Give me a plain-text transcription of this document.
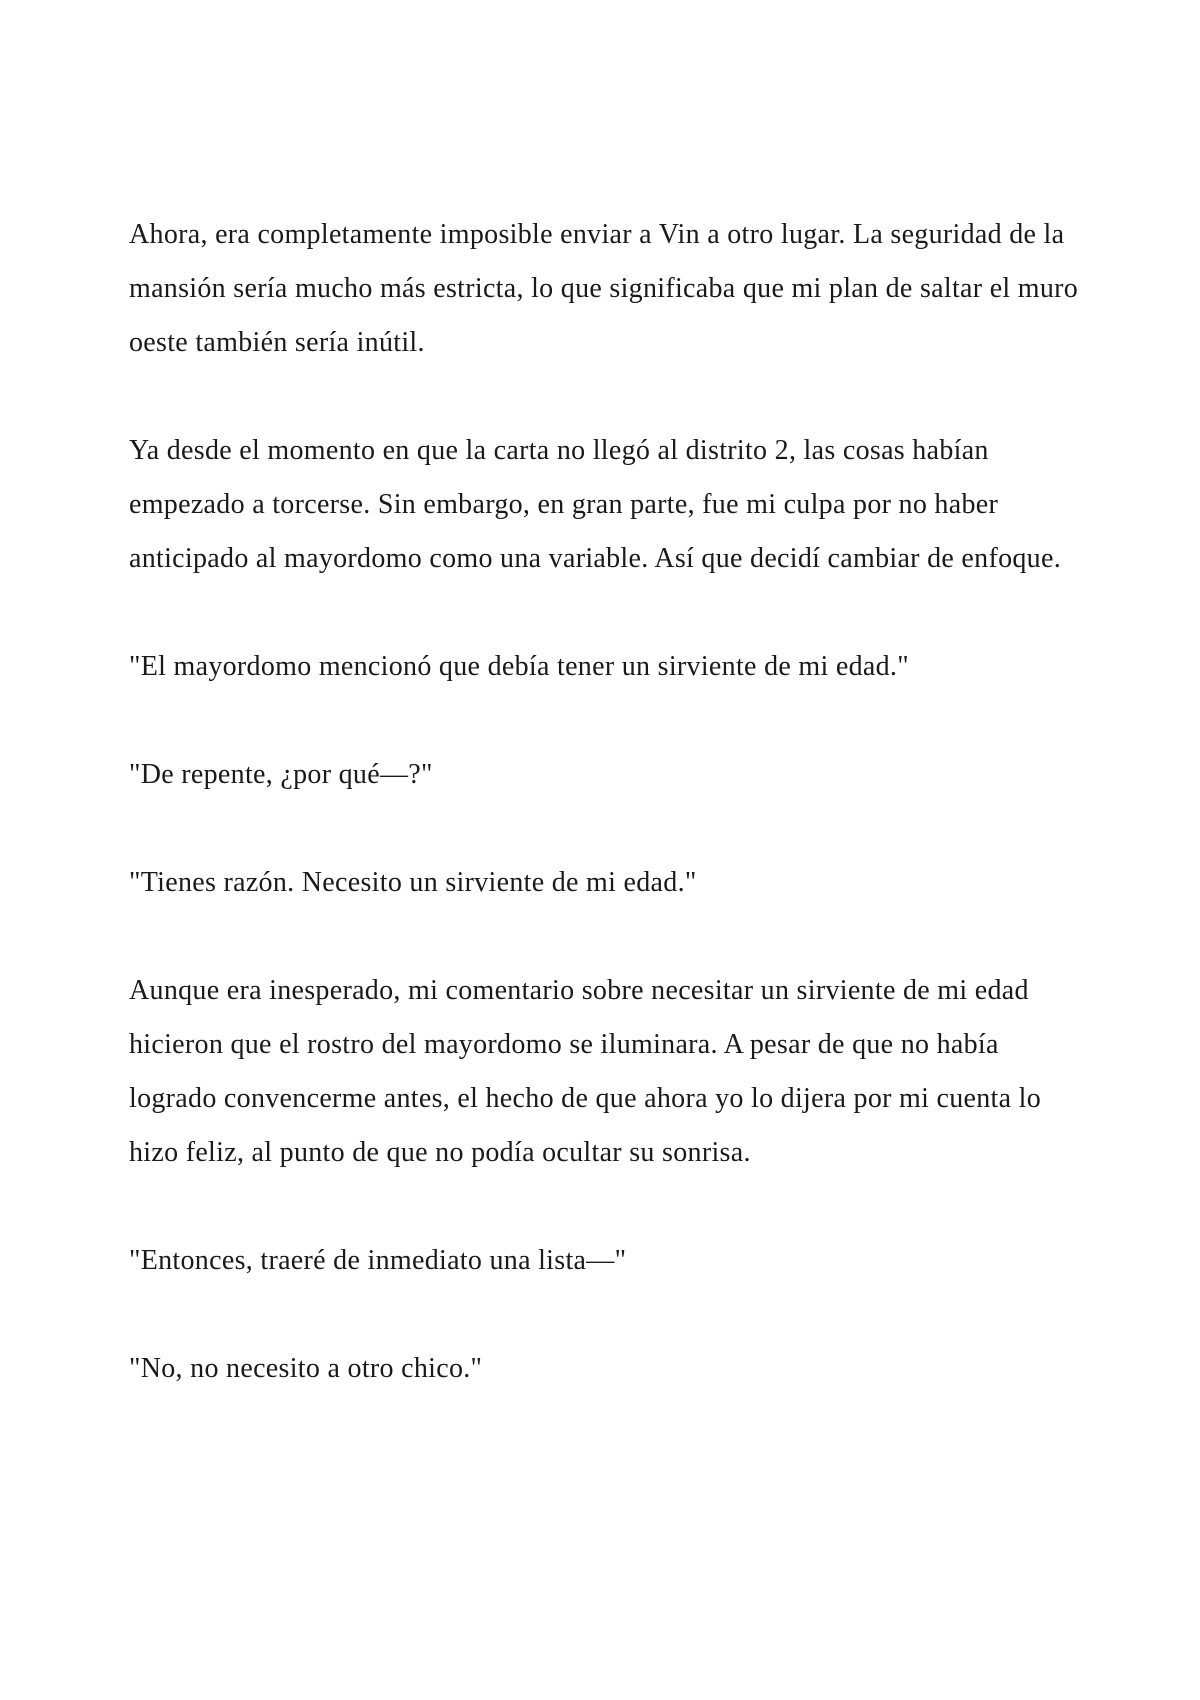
Ahora, era completamente imposible enviar a Vin a otro lugar. La seguridad de la mansión sería mucho más estricta, lo que significaba que mi plan de saltar el muro oeste también sería inútil.

Ya desde el momento en que la carta no llegó al distrito 2, las cosas habían empezado a torcerse. Sin embargo, en gran parte, fue mi culpa por no haber anticipado al mayordomo como una variable. Así que decidí cambiar de enfoque.

"El mayordomo mencionó que debía tener un sirviente de mi edad."

"De repente, ¿por qué—?"

"Tienes razón. Necesito un sirviente de mi edad."

Aunque era inesperado, mi comentario sobre necesitar un sirviente de mi edad hicieron que el rostro del mayordomo se iluminara. A pesar de que no había logrado convencerme antes, el hecho de que ahora yo lo dijera por mi cuenta lo hizo feliz, al punto de que no podía ocultar su sonrisa.

"Entonces, traeré de inmediato una lista—"

"No, no necesito a otro chico."
